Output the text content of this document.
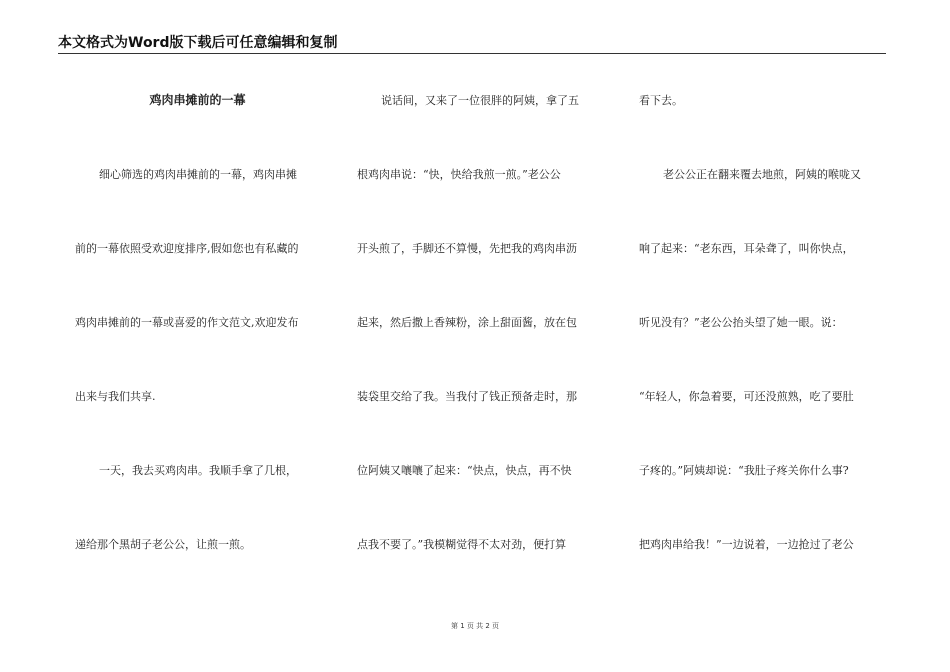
本文格式为Word版下载后可任意编辑和复制
鸡肉串摊前的一幕
细心筛选的鸡肉串摊前的一幕，鸡肉串摊
前的一幕依照受欢迎度排序,假如您也有私藏的
鸡肉串摊前的一幕或喜爱的作文范文,欢迎发布
出来与我们共享.
一天，我去买鸡肉串。我顺手拿了几根，
递给那个黑胡子老公公，让煎一煎。
说话间，又来了一位很胖的阿姨，拿了五
根鸡肉串说：“快，快给我煎一煎。”老公公
开头煎了，手脚还不算慢，先把我的鸡肉串沥
起来，然后撒上香辣粉，涂上甜面酱，放在包
装袋里交给了我。当我付了钱正预备走时，那
位阿姨又嚷嚷了起来：“快点，快点，再不快
点我不要了。”我模糊觉得不太对劲，便打算
看下去。
老公公正在翻来覆去地煎，阿姨的喉咙又
响了起来：“老东西，耳朵聋了，叫你快点，
听见没有？”老公公抬头望了她一眼。说：
“年轻人，你急着要，可还没煎熟，吃了要肚
子疼的。”阿姨却说：“我肚子疼关你什么事?
把鸡肉串给我！”一边说着，一边抢过了老公
第 1 页 共 2 页
